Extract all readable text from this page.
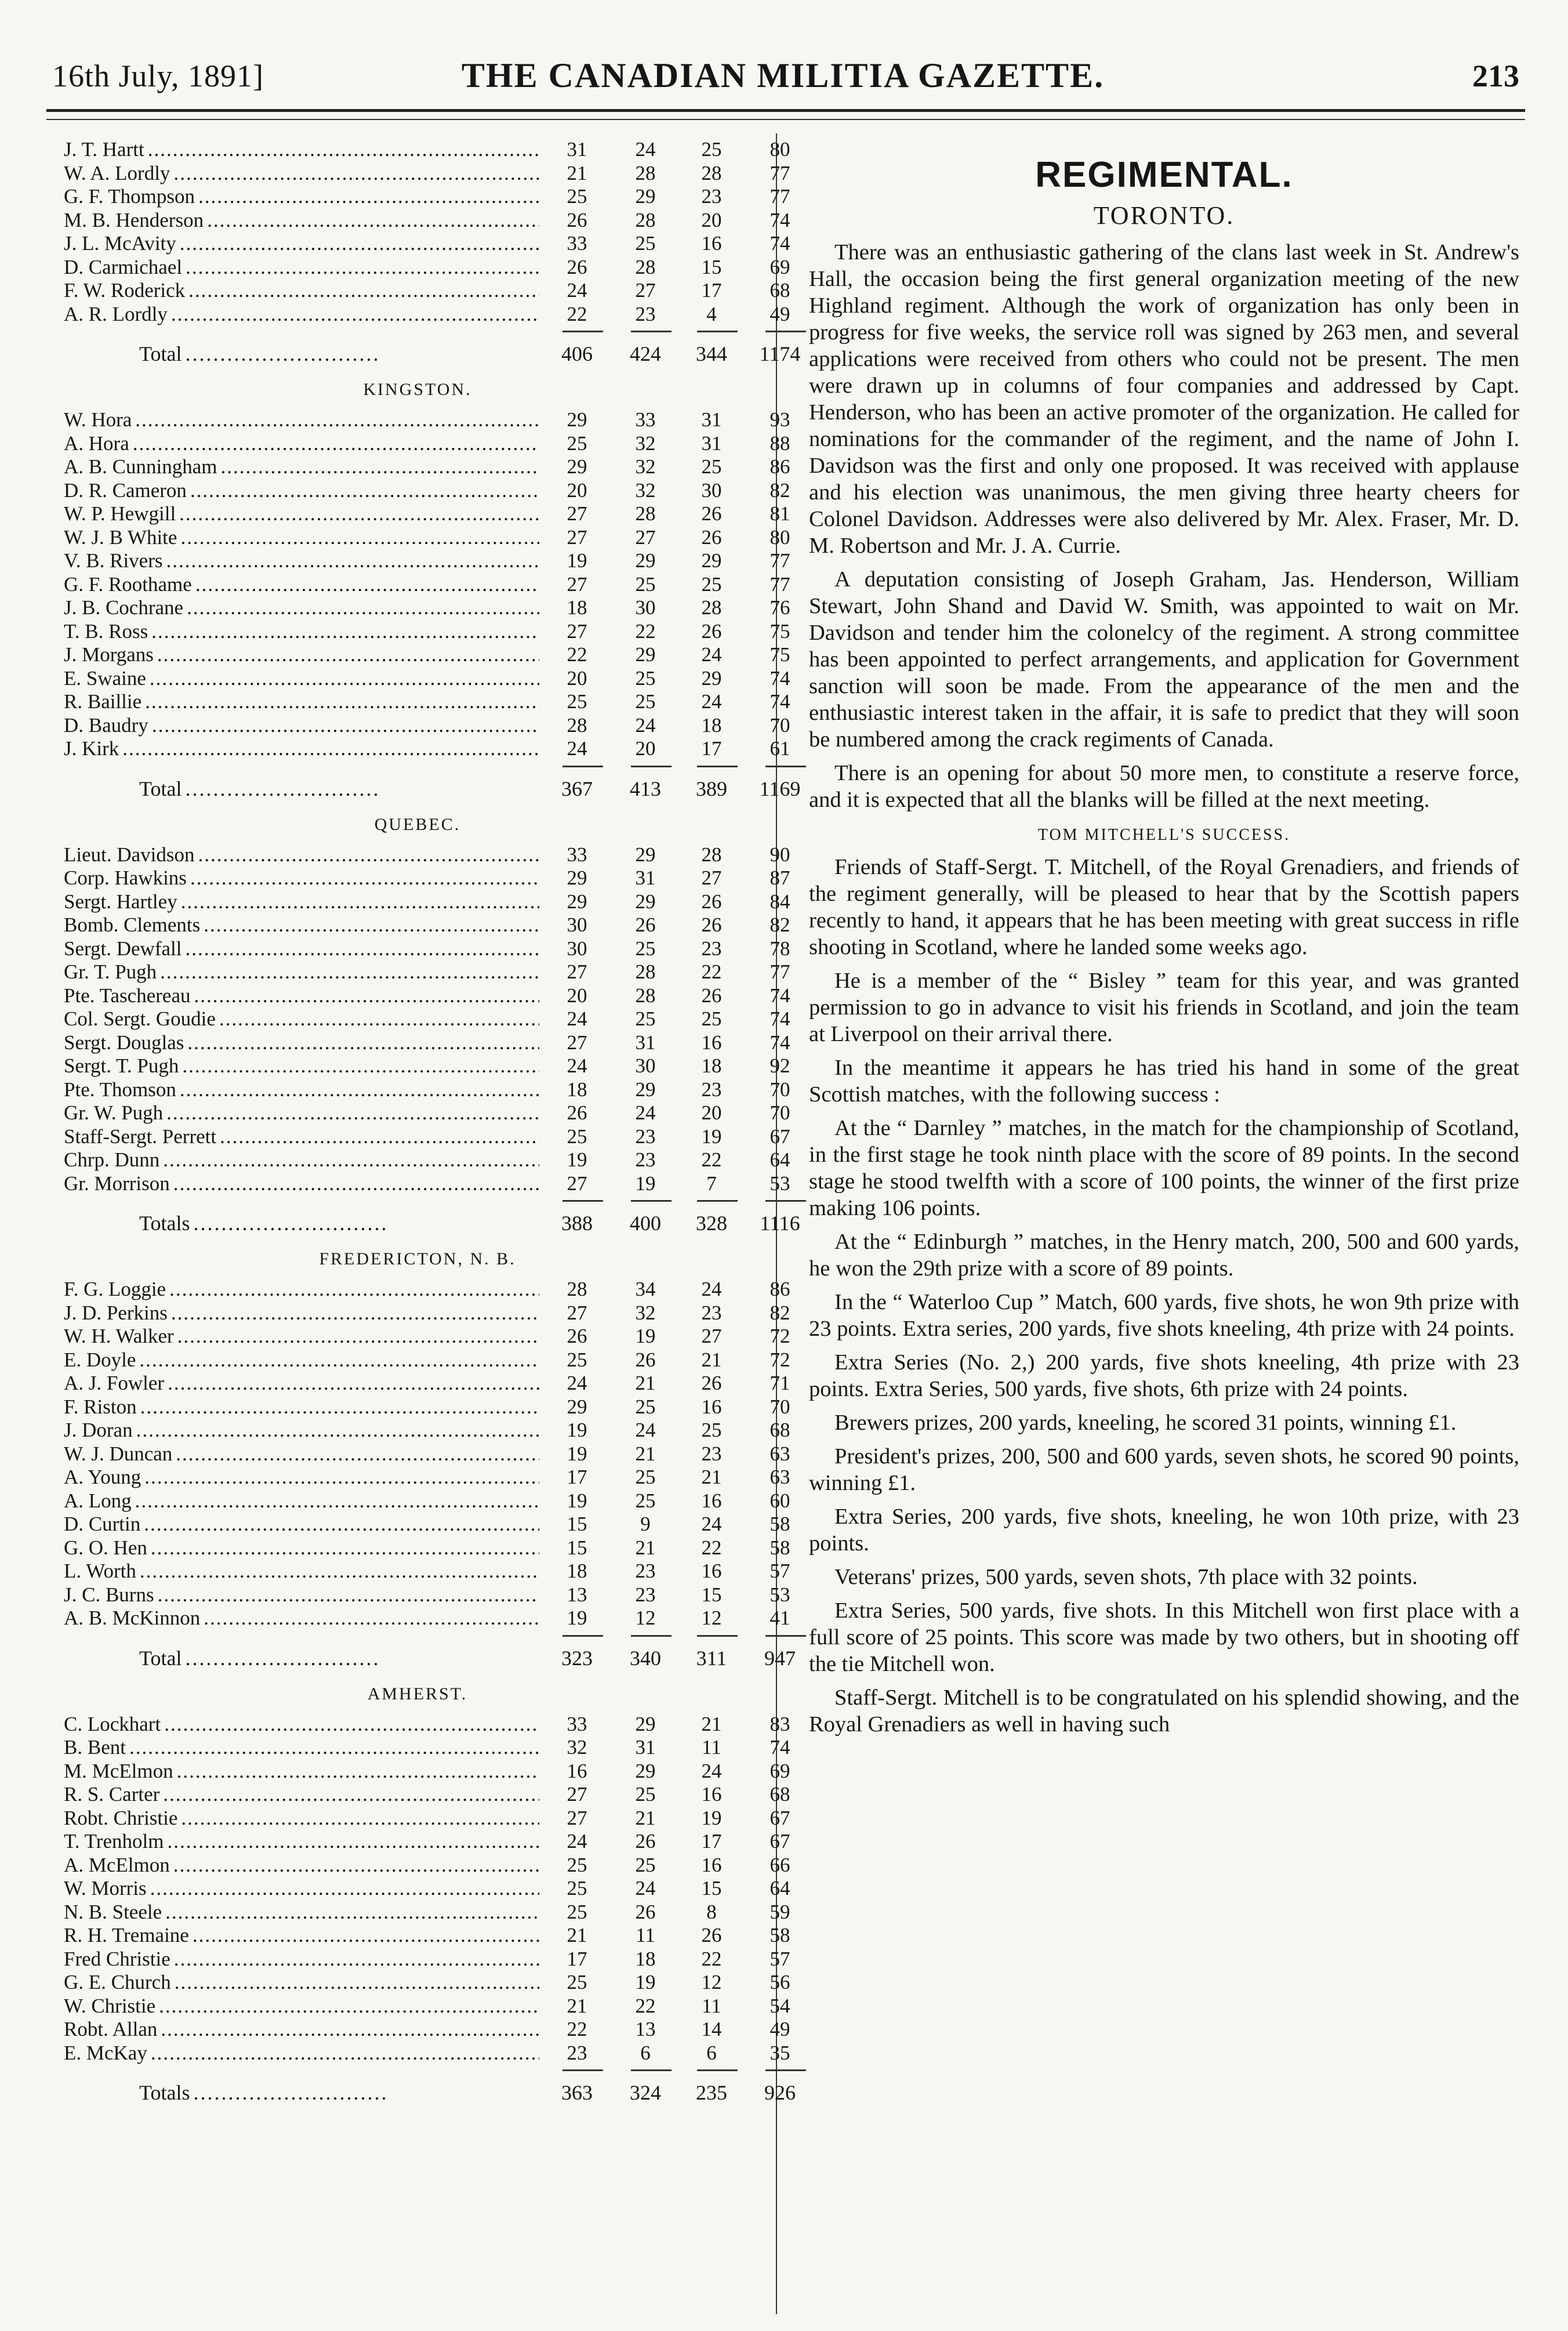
16th July, 1891]	THE CANADIAN MILITIA GAZETTE.	213
J. T. Hartt .....	31	24	25	80
W. A. Lordly .....	21	28	28	77
G. F. Thompson .....	25	29	23	77
M. B. Henderson .....	26	28	20	74
J. L. McAvity .....	33	25	16	74
D. Carmichael .....	26	28	15	69
F. W. Roderick .....	24	27	17	68
A. R. Lordly .....	22	23	4	49
Total .....	406	424	344	1174
KINGSTON.
W. Hora .....	29	33	31	93
A. Hora .....	25	32	31	88
A. B. Cunningham .....	29	32	25	86
D. R. Cameron .....	20	32	30	82
W. P. Hewgill .....	27	28	26	81
W. J. B White .....	27	27	26	80
V. B. Rivers .....	19	29	29	77
G. F. Roothame .....	27	25	25	77
J. B. Cochrane .....	18	30	28	76
T. B. Ross .....	27	22	26	75
J. Morgans .....	22	29	24	75
E. Swaine .....	20	25	29	74
R. Baillie .....	25	25	24	74
D. Baudry .....	28	24	18	70
J. Kirk .....	24	20	17	61
Total .....	367	413	389	1169
QUEBEC.
Lieut. Davidson .....	33	29	28	90
Corp. Hawkins .....	29	31	27	87
Sergt. Hartley .....	29	29	26	84
Bomb. Clements .....	30	26	26	82
Sergt. Dewfall .....	30	25	23	78
Gr. T. Pugh .....	27	28	22	77
Pte. Taschereau .....	20	28	26	74
Col. Sergt. Goudie .....	24	25	25	74
Sergt. Douglas .....	27	31	16	74
Sergt. T. Pugh .....	24	30	18	92
Pte. Thomson .....	18	29	23	70
Gr. W. Pugh .....	26	24	20	70
Staff-Sergt. Perrett .....	25	23	19	67
Chrp. Dunn .....	19	23	22	64
Gr. Morrison .....	27	19	7	53
Totals .....	388	400	328	1116
FREDERICTON, N. B.
F. G. Loggie .....	28	34	24	86
J. D. Perkins .....	27	32	23	82
W. H. Walker .....	26	19	27	72
E. Doyle .....	25	26	21	72
A. J. Fowler .....	24	21	26	71
F. Riston .....	29	25	16	70
J. Doran .....	19	24	25	68
W. J. Duncan .....	19	21	23	63
A. Young .....	17	25	21	63
A. Long .....	19	25	16	60
D. Curtin .....	15	9	24	58
G. O. Hen .....	15	21	22	58
L. Worth .....	18	23	16	57
J. C. Burns .....	13	23	15	53
A. B. McKinnon .....	19	12	12	41
Total .....	323	340	311	947
AMHERST.
C. Lockhart .....	33	29	21	83
B. Bent .....	32	31	11	74
M. McElmon .....	16	29	24	69
R. S. Carter .....	27	25	16	68
Robt. Christie .....	27	21	19	67
T. Trenholm .....	24	26	17	67
A. McElmon .....	25	25	16	66
W. Morris .....	25	24	15	64
N. B. Steele .....	25	26	8	59
R. H. Tremaine .....	21	11	26	58
Fred Christie .....	17	18	22	57
G. E. Church .....	25	19	12	56
W. Christie .....	21	22	11	54
Robt. Allan .....	22	13	14	49
E. McKay .....	23	6	6	35
Totals .....	363	324	235	926
REGIMENTAL.
TORONTO.

There was an enthusiastic gathering of the clans last week in St. Andrew's Hall, the occasion being the first general organization meeting of the new Highland regiment. Although the work of organization has only been in progress for five weeks, the service roll was signed by 263 men, and several applications were received from others who could not be present. The men were drawn up in columns of four companies and addressed by Capt. Henderson, who has been an active promoter of the organization. He called for nominations for the commander of the regiment, and the name of John I. Davidson was the first and only one proposed. It was received with applause and his election was unanimous, the men giving three hearty cheers for Colonel Davidson. Addresses were also delivered by Mr. Alex. Fraser, Mr. D. M. Robertson and Mr. J. A. Currie.

A deputation consisting of Joseph Graham, Jas. Henderson, William Stewart, John Shand and David W. Smith, was appointed to wait on Mr. Davidson and tender him the colonelcy of the regiment. A strong committee has been appointed to perfect arrangements, and application for Government sanction will soon be made. From the appearance of the men and the enthusiastic interest taken in the affair, it is safe to predict that they will soon be numbered among the crack regiments of Canada.

There is an opening for about 50 more men, to constitute a reserve force, and it is expected that all the blanks will be filled at the next meeting.

TOM MITCHELL'S SUCCESS.

Friends of Staff-Sergt. T. Mitchell, of the Royal Grenadiers, and friends of the regiment generally, will be pleased to hear that by the Scottish papers recently to hand, it appears that he has been meeting with great success in rifle shooting in Scotland, where he landed some weeks ago.

He is a member of the “ Bisley ” team for this year, and was granted permission to go in advance to visit his friends in Scotland, and join the team at Liverpool on their arrival there.

In the meantime it appears he has tried his hand in some of the great Scottish matches, with the following success :

At the “ Darnley ” matches, in the match for the championship of Scotland, in the first stage he took ninth place with the score of 89 points. In the second stage he stood twelfth with a score of 100 points, the winner of the first prize making 106 points.

At the “ Edinburgh ” matches, in the Henry match, 200, 500 and 600 yards, he won the 29th prize with a score of 89 points.

In the “ Waterloo Cup ” Match, 600 yards, five shots, he won 9th prize with 23 points. Extra series, 200 yards, five shots kneeling, 4th prize with 24 points.

Extra Series (No. 2,) 200 yards, five shots kneeling, 4th prize with 23 points. Extra Series, 500 yards, five shots, 6th prize with 24 points.

Brewers prizes, 200 yards, kneeling, he scored 31 points, winning £1.

President's prizes, 200, 500 and 600 yards, seven shots, he scored 90 points, winning £1.

Extra Series, 200 yards, five shots, kneeling, he won 10th prize, with 23 points.

Veterans' prizes, 500 yards, seven shots, 7th place with 32 points.

Extra Series, 500 yards, five shots. In this Mitchell won first place with a full score of 25 points. This score was made by two others, but in shooting off the tie Mitchell won.

Staff-Sergt. Mitchell is to be congratulated on his splendid showing, and the Royal Grenadiers as well in having such
